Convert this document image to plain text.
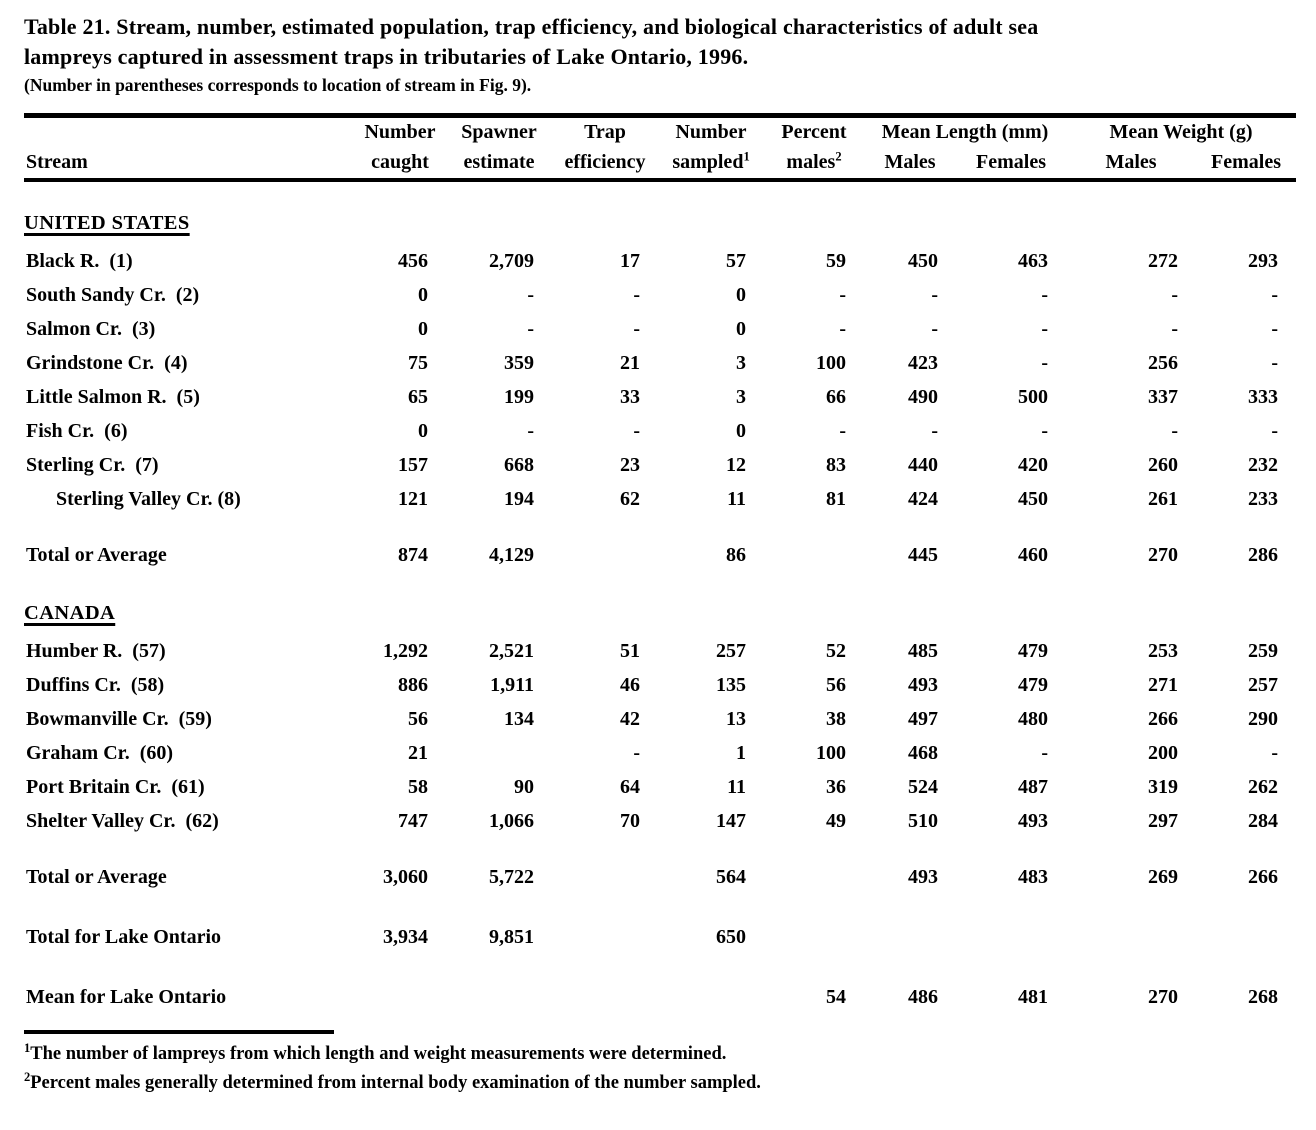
Table 21. Stream, number, estimated population, trap efficiency, and biological characteristics of adult sea
lampreys captured in assessment traps in tributaries of Lake Ontario, 1996.
(Number in parentheses corresponds to location of stream in Fig. 9).
	Number	Spawner	Trap	Number	Percent	Mean Length (mm)		Mean Weight (g)	
Stream	caught	estimate	efficiency	sampled$^1$	males$^2$	Males	Females	Males	Females
UNITED STATES									
Black R.  (1)	456	2,709	17	57	59	450	463	272	293
South Sandy Cr.  (2)	0	-	-	0	-	-	-	-	-
Salmon Cr.  (3)	0	-	-	0	-	-	-	-	-
Grindstone Cr.  (4)	75	359	21	3	100	423	-	256	-
Little Salmon R.  (5)	65	199	33	3	66	490	500	337	333
Fish Cr.  (6)	0	-	-	0	-	-	-	-	-
Sterling Cr.  (7)	157	668	23	12	83	440	420	260	232
Sterling Valley Cr. (8)	121	194	62	11	81	424	450	261	233
Total or Average	874	4,129		86		445	460	270	286
CANADA									
Humber R.  (57)	1,292	2,521	51	257	52	485	479	253	259
Duffins Cr.  (58)	886	1,911	46	135	56	493	479	271	257
Bowmanville Cr.  (59)	56	134	42	13	38	497	480	266	290
Graham Cr.  (60)	21		-	1	100	468	-	200	-
Port Britain Cr.  (61)	58	90	64	11	36	524	487	319	262
Shelter Valley Cr.  (62)	747	1,066	70	147	49	510	493	297	284
Total or Average	3,060	5,722		564		493	483	269	266
Total for Lake Ontario	3,934	9,851		650					
Mean for Lake Ontario					54	486	481	270	268
$^1$The number of lampreys from which length and weight measurements were determined.
$^2$Percent males generally determined from internal body examination of the number sampled.
